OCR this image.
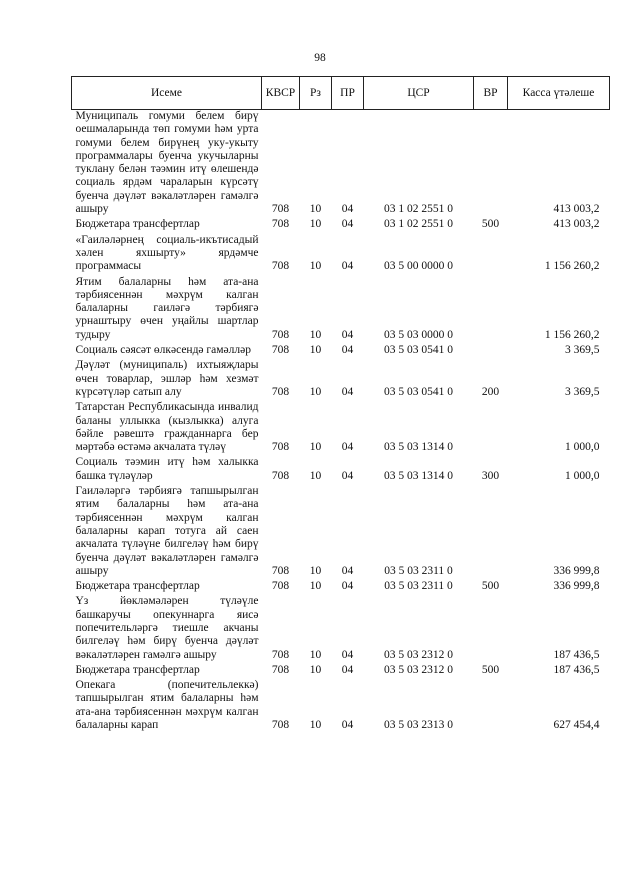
98
Исеме	КВСР	Рз	ПР	ЦСР	ВР	Касса үтәлеше
Муниципаль гомуми белем бирү оешмаларында төп гомуми һәм урта гомуми белем бирүнең уку-укыту программалары буенча укучыларны туклану белән тәэмин итү өлешендә социаль ярдәм чараларын күрсәтү буенча дәүләт вәкаләтләрен гамәлгә ашыру	708	10	04	03 1 02 2551 0		413 003,2
Бюджетара трансфертлар	708	10	04	03 1 02 2551 0	500	413 003,2
«Гаиләләрнең социаль-икътисадый хәлен яхшырту» ярдәмче программасы	708	10	04	03 5 00 0000 0		1 156 260,2
Ятим балаларны һәм ата-ана тәрбиясеннән мәхрүм калган балаларны гаиләгә тәрбиягә урнаштыру өчен уңайлы шартлар тудыру	708	10	04	03 5 03 0000 0		1 156 260,2
Социаль сәясәт өлкәсендә гамәлләр	708	10	04	03 5 03 0541 0		3 369,5
Дәүләт (муниципаль) ихтыяҗлары өчен товарлар, эшләр һәм хезмәт күрсәтүләр сатып алу	708	10	04	03 5 03 0541 0	200	3 369,5
Татарстан Республикасында инвалид баланы уллыкка (кызлыкка) алуга бәйле рәвештә гражданнарга бер мәртәбә өстәмә акчалата түләү	708	10	04	03 5 03 1314 0		1 000,0
Социаль тәэмин итү һәм халыкка башка түләүләр	708	10	04	03 5 03 1314 0	300	1 000,0
Гаиләләргә тәрбиягә тапшырылган ятим балаларны һәм ата-ана тәрбиясеннән мәхрүм калган балаларны карап тотуга ай саен акчалата түләүне билгеләү һәм бирү буенча дәүләт вәкаләтләрен гамәлгә ашыру	708	10	04	03 5 03 2311 0		336 999,8
Бюджетара трансфертлар	708	10	04	03 5 03 2311 0	500	336 999,8
Үз йөкләмәләрен түләүле башкаручы опекуннарга яисә попечительләргә тиешле акчаны билгеләү һәм бирү буенча дәүләт вәкаләтләрен гамәлгә ашыру	708	10	04	03 5 03 2312 0		187 436,5
Бюджетара трансфертлар	708	10	04	03 5 03 2312 0	500	187 436,5
Опекага (попечительлеккә) тапшырылган ятим балаларны һәм ата-ана тәрбиясеннән мәхрүм калган балаларны карап	708	10	04	03 5 03 2313 0		627 454,4
